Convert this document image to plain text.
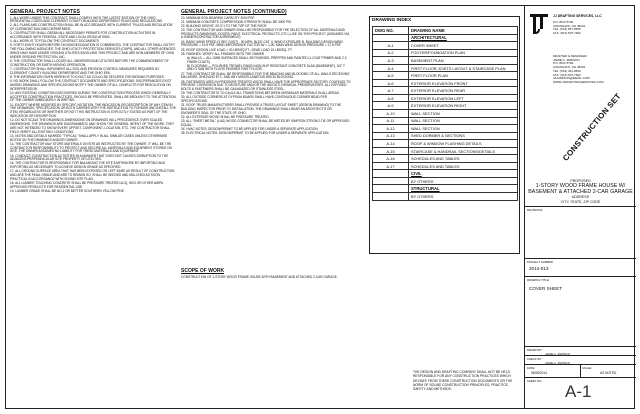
GENERAL PROJECT NOTES
1. ALL WORK UNDER THIS CONTRACT SHALL COMPLY WITH THE LATEST EDITION OF THE OHIO RESIDENTIAL CODES AND CLERMONT COUNTY BUILDING DEPARTMENT RULES AND REGULATIONS.
2. ALL PLANS AND CONSTRUCTION SHALL BE IN ACCORDANCE WITH CURRENT "RULES AND REGULATION" OF CLERMONT BUILDING DEPARTMENT.
3. CONTRACTOR SHALL OBTAIN ALL NECESSARY PERMITS FOR CONSTRUCTION ACTIVITIES IN ACCORDANCE WITH FEDERAL, STATE AND LOCAL REGULATIONS.
4. ALL WORK IS TO FOLLOW THE CONTRACT DOCUMENTS.
5. FORTY-EIGHT HOURS BEFORE DIGGING/EXCAVATION IS COMMENCED, THE CONTRACTOR SHALL NOTIFY THE FOLLOWING AGENCIES: THE OHIO UTILITY PROTECTION SERVICES (OUPS), AND ALL OTHER AGENCIES WHICH MAY HAVE UNDER GROUND UTILITIES INVOLVING THIS PROJECT AND ARE NON-MEMBERS OF OHIO UNDER GROUND PROTECTION, INC.
6. THE CONTRACTOR SHALL LOCATE ALL UNDERGROUND UTILITIES BEFORE THE COMMENCEMENT OF CONSTRUCTION OR EARTH MOVING OPERATION.
7. CONTRACTOR SHALL IMPLEMENT ALL SOIL AND EROSION CONTROL MEASURES REQUIRED BY CLERMONT COUNTY BUILDING DEPARTMENT AND THE OHIO EPA.
8. THE INFORMATION GIVEN HEREIN IS TO EXACT AS COULD BE SECURED FOR BIDDING PURPOSES.
9. NO WORK SHALL FOLLOW THE CONTRACT DOCUMENTS AND SPECIFICATIONS. DISCREPANCIES EXIST AMONG DRAWINGS AND SPECIFICATIONS NOTIFY THE OWNER OF ALL CONFLICTS FOR RESOLUTION OR INTERPRETATION.
10. ANY EXISTING CONDITION DISCOVERED DURING THE CONSTRUCTION PROCESS WHICH GENERALLY ACCEPTED CONSTRUCTION PRACTICES, SHOULD BE PREVENTED, SHALL BE BROUGHT TO THE ATTENTION OF THE OWNER IMMEDIATELY IN WRITING.
11. EXCEPT WHERE MODIFIED BY SPECIFIC NOTATION, THE INDICATION OR DESCRIPTION OF ANY ITEM IN THE DRAWINGS, SPECIFICATION OR BOTH CARRIES WITH THE INSTRUCTION TO FURNISH AND INSTALL THE ITEM, REGARDLESS OR WHETHER OR NOT THIS INSTRUCTION IS EXPLICITLY STATED AS PART OF THE INDICATION OR DESCRIPTION.
12. DO NOT SCALE THE DRAWINGS-DIMENSIONS ON DRAWINGS WILL PRECEDENCE OVER SCALED DIMENSIONS. THE DRAWINGS ARE DIAGRAMMATIC AND SHOW THE GENERAL INTENT OF THE WORK. THEY ARE NOT INTENDED TO SHOW EVERY OFFSET, COMPONENT, LOCATION, ETC. THE CONTRACTOR SHALL FIELD VERIFY ALL EXISTING CONDITIONS.
13. NOTES AND DETAILS MARKED "TYPICAL" SHALL APPLY IN ALL SIMILAR CASES UNLESS OTHERWISE NOTED ON THE DRAWINGS AND/OR OWNER.
14. THE CONTRACTOR MAY STORE MATERIALS ON SITE AS INSTRUCTED BY THE OWNER. IT WILL BE THE CONTRACTOR RESPONSIBILITY TO PROTECT AND SECURE ALL MATERIALS AND EQUIPMENT STORED ON SITE. THE OWNER ASSUMES NO LIABILITY FOR THESE MATERIALS AND EQUIPMENT.
15. CONDUCT CONSTRUCTION ACTIVITIES IN A MANNER THAT DOES NOT CAUSES DISRUPTION TO THE ADJACENT/PERPENDICULAR SITE PROPERTY OR UTILITIES.
16. THE CONTRACTOR IS RESPONSIBLE FOR BALANCING THE SITE EARTHWORK BY IMPORTING AND EXPORTING AS NECESSARY TO ACHIEVE DESIGN GRADE AS SPECIFIED.
17. ALL GROUND SURFACE AREA THAT HAS BEEN EXPOSED OR LEFT BARE AS RESULT OF CONSTRUCTION AND ARE THE FINAL GRADE AND ARE TO REMAIN SO, SHALL BE SEEDED AND MULCHED AS SOON PRACTICAL IN ACCORDANCE WITH SOUND SITE PLAN.
18. ALL LUMBER TOUCHING CONCRETE SHALL BE PRESSURE TREATED ACQ, HDG OR OTHER AWPA APPROVED PRODUCTS FOR RESIDENTIAL USE.
19. LUMBER GRADE SHALL BE NO.2 OR BETTER SOUTHERN YELLOW PINE.
GENERAL PROJECT NOTES (CONTINUED)
20. MINIMUM SOIL BEARING CAPACITY 3000 PSF.
21. MINIMUM CONCRETE COMPRESSION STRENGTH SHALL BE 3000 PSI.
22. BUILDING HEIGHT: 20'-0"± TO THE TOP OF THE ROOF.
23. THE CONTRACTOR AND OWNER SHALL BE RESPONSIBLE FOR THE SELECTION OF ALL MATERIALS AND PRODUCTS (WINDOWS, DOORS, PAINT, ELECTRICAL PRODUCTS, ETC.) USE ON THIS PROJECT (ASSUMED VIA A OWNER/CONTRACTOR AGREEMENT).
24. BASIC WIND SPEED (3 SEC GUST) - 90 MPH, BLDG CAT. II, WIND EXPOSURE B, BUILDING DESIGN WIND PRESSURE = 19.5 PSF, WIND IMPORTANCE FACTOR IW = 1.00, MAIN WIND DESIGN PRESSURE = 17.8 PSF.
25. ROOF DESIGN LIVE LOAD = 30 LBS/SQ.FT.; DEAD LOAD 15 LBS/SQ. FT.
26. FINISHES: VERIFY ALL FINISHES WITH THE OWNER
A) WALLS — ALL GWB SURFACES SHALL BE FINISHED, PREPPED AND PAINTED (1-COAT PRIMER AND 2-3 FINISH COATS).
B) FLOORING — POLISHED TROWEL FINISH NON-SLIP RESISTANT CONCRETE SLAB (BASEMENT), 3/4" T AND G SUB WITH FLOOR FINISHES FIRST FLOOR.
27. THE CONTRACTOR SHALL BE RESPONSIBLE FOR THE BRACING AND BLOCKING OF ALL WALLS RECEIVING MILLWORK, SHELVING ETC. AND ANY MISCELLANEOUS WOOD BLOCKING.
28. FASTENERS USED IN PRESSURE TREATED WOOD SHALL HAVE THE APPROPRIATE FACTORY COATINGS TO PREVENT CORROSION DUE TO MOISTURE AND/OR THE WOOD'S CHEMICAL PRESERVATIVES. ALL EXPOSED BOLTS & FASTENERS SHALL BE GALVANIZED OR STAINLESS STEEL.
29. THE CONTRACTOR IS TO CAULK ALL TRANSITIONS BETWEEN DISSIMILAR MATERIALS IN ALL AREAS.
30. ALL OUTSIDE CORNERS AT GYPSUM BOARD SHALL HAVE CONTINUOUS CORNER BEAD PER SPECIFICATIONS.
31. ROOF TRUSS MANUFACTURER SHALL PROVIDE A TRUSS LAYOUT SHEET (DESIGN DRAWING) TO THE BUILDING INSPECTOR PRIOR TO INSTALLATION. THE DRAWINGS SHALL BEAR AN ARCHITECT'S OR ENGINEER'S SEAL OF THE STATE OF OHIO.
32. ALL EXTERIOR WOOD SHALL BE PRESSURE TREATED.
33. ALL "SHEET METAL" (LAG) WOOD CONNECTOR SHALL BE METED BY SIMPSON STRONG-TIE OR APPROVED EQUAL.
34. HVAC NOTES: DESIGN/PERMIT TO BE APPLIED FOR UNDER A SEPARATE APPLICATION.
35. ELECTRICAL NOTES: DESIGN/PERMIT TO BE APPLIED FOR UNDER A SEPARATE APPLICATION.
SCOPE OF WORK

CONSTRUCTION OF 1-STORY WOOD FRAME HOUSE WITH BASEMENT AND ATTACHED 2-CAR GARAGE.

DRAWING INDEX
DWG NO.	DRAWING NAME
	ARCHITECTURAL
A-1	COVER SHEET
A-2	FOOTER/FOUNDATION PLAN
A-3	BASEMENT PLAN
A-4	FIRST FLOOR JOISTS LAYOUT & STAIRCASE PLAN
A-5	FIRST FLOOR PLAN
A-6	EXTERIOR ELEVATION FRONT
A-7	EXTERIOR ELEVATION REAR
A-8	EXTERIOR ELEVATION LEFT
A-9	EXTERIOR ELEVATION RIGHT
A-10	WALL SECTION
A-11	WALL SECTION
A-12	WALL SECTION
A-13	SHED DORMER & SECTIONS
A-14	ROOF & WINDOW FLASHING DETAILS
A-15	STAIRCASE & HANDRAIL SECTIONS/DETAILS
A-16	SCHEDULES AND TABLES
A-17	SCHEDULES AND TABLES
	CIVIL
	BY OTHERS
	STRUCTURAL
	BY OTHERS
THE DESIGN AND DRAFTING COMPANY SHALL NOT BE HELD RESPONSIBLE FOR ANY CONSTRUCTION PRACTICES WHICH DEVIATE FROM THESE CONSTRUCTION DOCUMENTS OR THE NORM OF SOUND CONSTRUCTION PRINCIPLES, PRACTICE, SAFETY AND METHODS.
JJ DRAFTING SERVICES, LLC
P.O. BOX 5784
CINCINNATI, OH 45201
TEL: (513) 837-5555
FAX: (513) 837-7602
DRAFTER & DESIGNER:
JAMIE A. JAMISON
P.O. BOX 5784
CINCINNATI, OH 45201
TEL: (513) 461-5842
FAX: (513) 837-7602
JAJAMISON@EMAIL.COM
WWW.JJDRAFTINGSERVICES.COM
CONSTRUCTION SET
PROPOSED
1-STORY WOOD FRAME HOUSE W/ BASEMENT & ATTACHED 2-CAR GARAGE
ADDRESS
CITY, STATE, ZIP CODE
REVISIONS:
PROJECT NUMBER
2014-013
DRAWING TITLE:
COVER SHEET
DRAWN BY:
JAMIE A. JAMISON
CHECK BY:
JAMIE A. JAMISON
DATE:
08/28/2014
SCALE:
AS NOTED
SHEET NO.:
A-1
